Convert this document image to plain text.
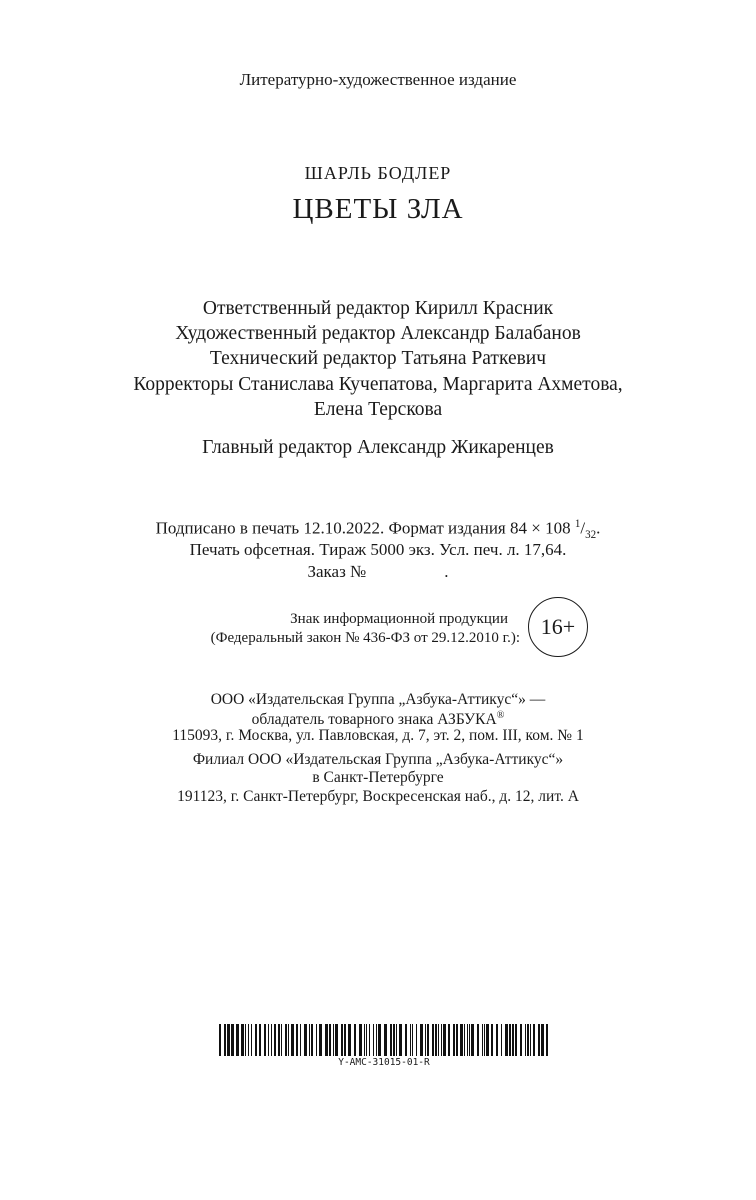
Литературно-художественное издание
ШАРЛЬ БОДЛЕР
ЦВЕТЫ ЗЛА
Ответственный редактор Кирилл Красник
Художественный редактор Александр Балабанов
Технический редактор Татьяна Раткевич
Корректоры Станислава Кучепатова, Маргарита Ахметова,
Елена Терскова
Главный редактор Александр Жикаренцев
Подписано в печать 12.10.2022. Формат издания 84 × 108 $^1/_{32}$.
Печать офсетная. Тираж 5000 экз. Усл. печ. л. 17,64.
Заказ №	.
Знак информационной продукции
(Федеральный закон № 436-ФЗ от 29.12.2010 г.): 16+
ООО «Издательская Группа „Азбука-Аттикус“» —
обладатель товарного знака АЗБУКА®
115093, г. Москва, ул. Павловская, д. 7, эт. 2, пом. III, ком. № 1
Филиал ООО «Издательская Группа „Азбука-Аттикус“»
в Санкт-Петербурге
191123, г. Санкт-Петербург, Воскресенская наб., д. 12, лит. А
Y-AMC-31015-01-R
